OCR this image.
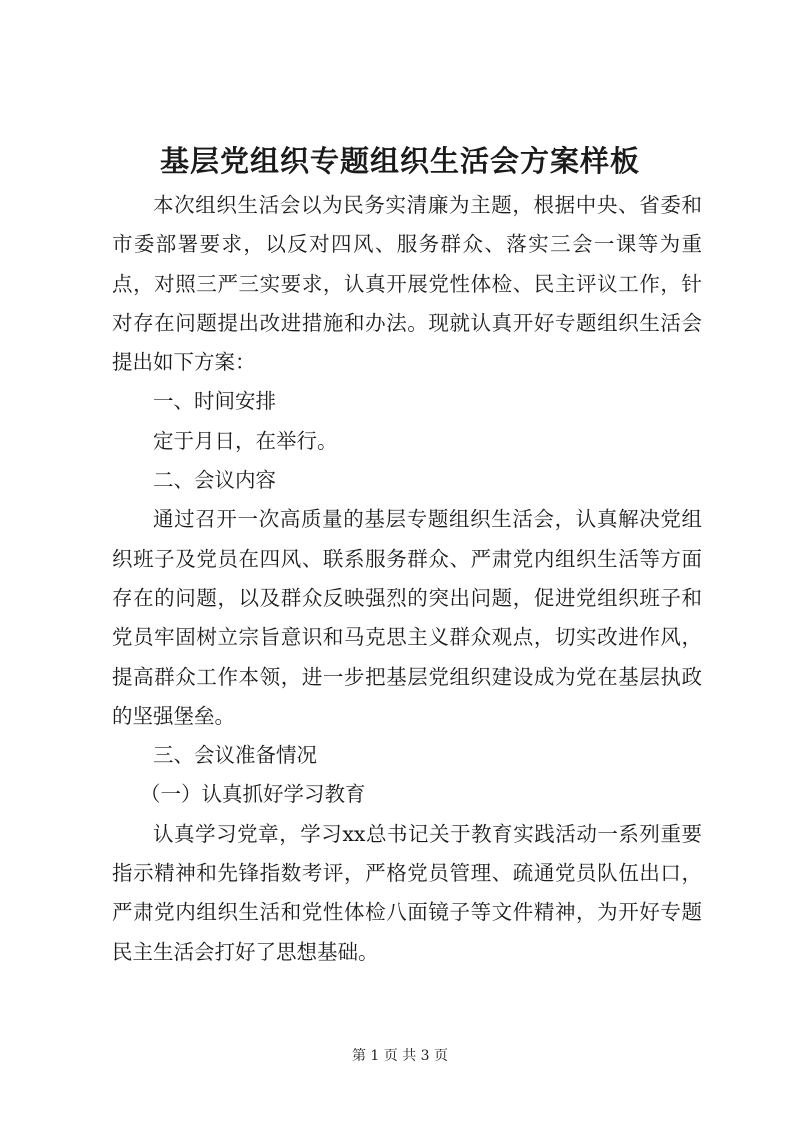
基层党组织专题组织生活会方案样板

本次组织生活会以为民务实清廉为主题，根据中央、省委和市委部署要求，以反对四风、服务群众、落实三会一课等为重点，对照三严三实要求，认真开展党性体检、民主评议工作，针对存在问题提出改进措施和办法。现就认真开好专题组织生活会提出如下方案：

一、时间安排

定于月日，在举行。

二、会议内容

通过召开一次高质量的基层专题组织生活会，认真解决党组织班子及党员在四风、联系服务群众、严肃党内组织生活等方面存在的问题，以及群众反映强烈的突出问题，促进党组织班子和党员牢固树立宗旨意识和马克思主义群众观点，切实改进作风，提高群众工作本领，进一步把基层党组织建设成为党在基层执政的坚强堡垒。

三、会议准备情况

（一）认真抓好学习教育

认真学习党章，学习xx总书记关于教育实践活动一系列重要指示精神和先锋指数考评，严格党员管理、疏通党员队伍出口，严肃党内组织生活和党性体检八面镜子等文件精神，为开好专题民主生活会打好了思想基础。

第 1 页 共 3 页
